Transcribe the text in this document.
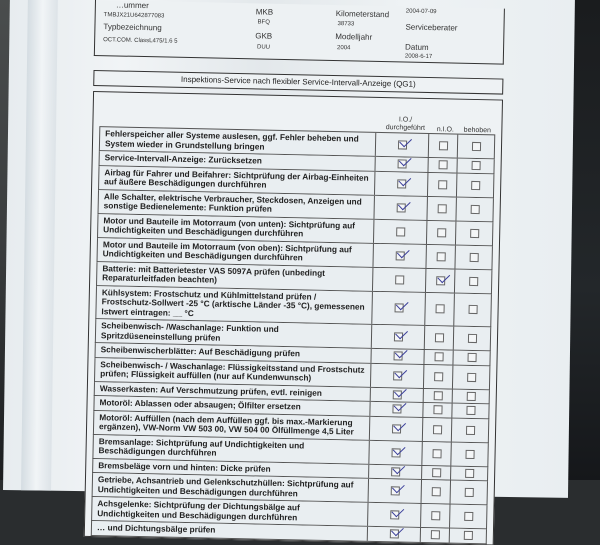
…ummer
TMBJX21U642877083
Typbezeichnung
OCT.COM. ClassL475/1.6 5
MKB
BFQ
GKB
DUU
Kilometerstand
38733
Modelljahr
2004
2004-07-09
Serviceberater
Datum
2008-6-17
Inspektions-Service nach flexibler Service-Intervall-Anzeige (QG1)
I.O./ durchgeführt	n.I.O.	behoben
Fehlerspeicher aller Systeme auslesen, ggf. Fehler beheben und System wieder in Grundstellung bringen
Service-Intervall-Anzeige: Zurücksetzen
Airbag für Fahrer und Beifahrer: Sichtprüfung der Airbag-Einheiten auf äußere Beschädigungen durchführen
Alle Schalter, elektrische Verbraucher, Steckdosen, Anzeigen und sonstige Bedienelemente: Funktion prüfen
Motor und Bauteile im Motorraum (von unten): Sichtprüfung auf Undichtigkeiten und Beschädigungen durchführen
Motor und Bauteile im Motorraum (von oben): Sichtprüfung auf Undichtigkeiten und Beschädigungen durchführen
Batterie: mit Batterietester VAS 5097A prüfen (unbedingt Reparaturleitfaden beachten)
Kühlsystem: Frostschutz und Kühlmittelstand prüfen / Frostschutz-Sollwert -25 °C (arktische Länder -35 °C), gemessenen Istwert eintragen: __ °C
Scheibenwisch- /Waschanlage: Funktion und Spritzdüseneinstellung prüfen
Scheibenwischerblätter: Auf Beschädigung prüfen
Scheibenwisch- / Waschanlage: Flüssigkeitsstand und Frostschutz prüfen; Flüssigkeit auffüllen (nur auf Kundenwunsch)
Wasserkasten: Auf Verschmutzung prüfen, evtl. reinigen
Motoröl: Ablassen oder absaugen; Ölfilter ersetzen
Motoröl: Auffüllen (nach dem Auffüllen ggf. bis max.-Markierung ergänzen), VW-Norm VW 503 00, VW 504 00 Ölfüllmenge 4,5 Liter
Bremsanlage: Sichtprüfung auf Undichtigkeiten und Beschädigungen durchführen
Bremsbeläge vorn und hinten: Dicke prüfen
Getriebe, Achsantrieb und Gelenkschutzhüllen: Sichtprüfung auf Undichtigkeiten und Beschädigungen durchführen
Achsgelenke: Sichtprüfung der Dichtungsbälge auf Undichtigkeiten und Beschädigungen durchführen
… und Dichtungsbälge prüfen
